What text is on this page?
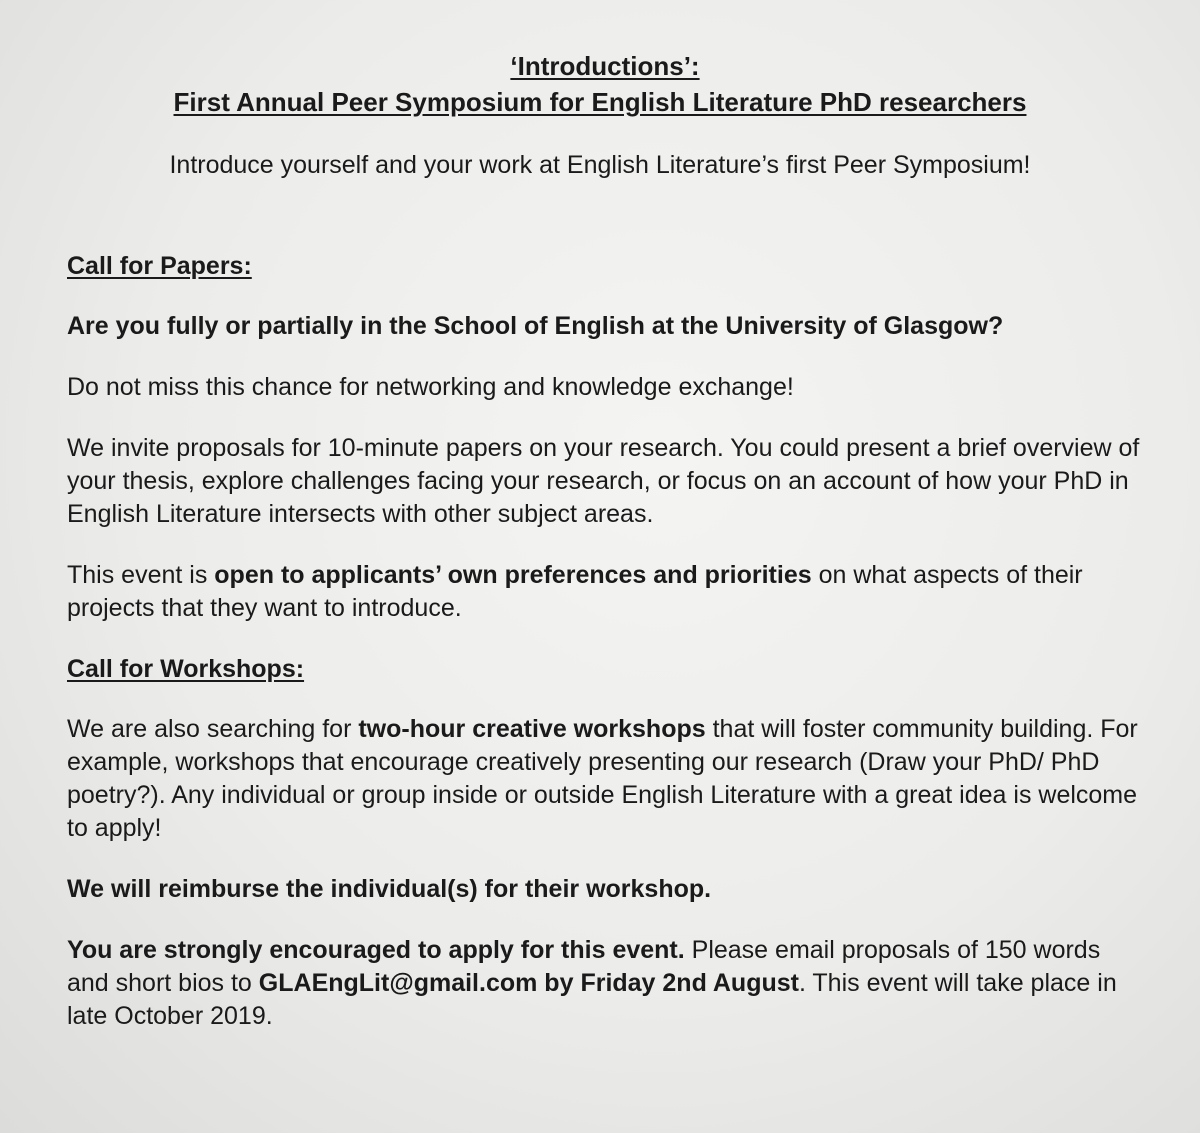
‘Introductions’:
First Annual Peer Symposium for English Literature PhD researchers
Introduce yourself and your work at English Literature’s first Peer Symposium!

Call for Papers:

Are you fully or partially in the School of English at the University of Glasgow?

Do not miss this chance for networking and knowledge exchange!

We invite proposals for 10-minute papers on your research. You could present a brief overview of your thesis, explore challenges facing your research, or focus on an account of how your PhD in English Literature intersects with other subject areas.

This event is open to applicants’ own preferences and priorities on what aspects of their projects that they want to introduce.

Call for Workshops:

We are also searching for two-hour creative workshops that will foster community building. For example, workshops that encourage creatively presenting our research (Draw your PhD/ PhD poetry?). Any individual or group inside or outside English Literature with a great idea is welcome to apply!

We will reimburse the individual(s) for their workshop.

You are strongly encouraged to apply for this event. Please email proposals of 150 words and short bios to GLAEngLit@gmail.com by Friday 2nd August. This event will take place in late October 2019.
